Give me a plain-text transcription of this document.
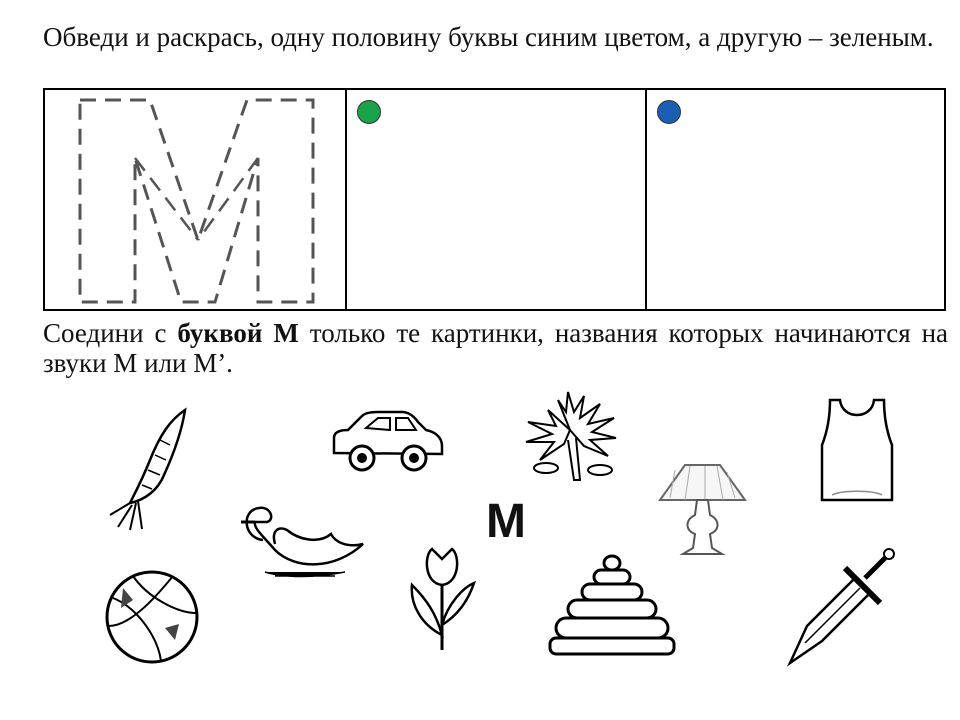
Обведи и раскрась, одну половину буквы синим цветом, а другую – зеленым.

Соедини с буквой М только те картинки, названия которых начинаются на звуки М или М’.

М
